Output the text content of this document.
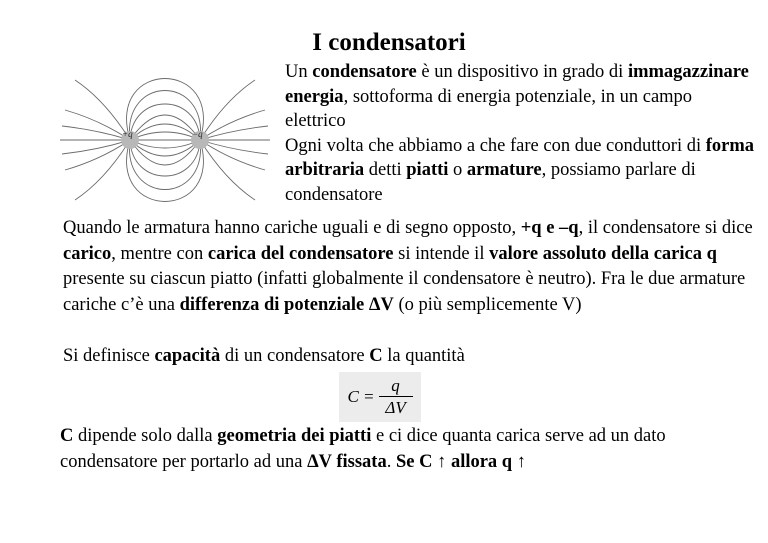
I condensatori
+q	−q
Un condensatore è un dispositivo in grado di immagazzinare energia, sottoforma di energia potenziale, in un campo elettrico
Ogni volta che abbiamo a che fare con due conduttori di forma arbitraria detti piatti o armature, possiamo parlare di condensatore
Quando le armatura hanno cariche uguali e di segno opposto, +q e –q, il condensatore si dice carico, mentre con carica del condensatore si intende il valore assoluto della carica q presente su ciascun piatto (infatti globalmente il condensatore è neutro). Fra le due armature cariche c’è una differenza di potenziale ΔV (o più semplicemente V)
Si definisce capacità di un condensatore C la quantità
$C = \frac{q}{\Delta V}$
C dipende solo dalla geometria dei piatti e ci dice quanta carica serve ad un dato condensatore per portarlo ad una ΔV fissata. Se C ↑ allora q ↑
